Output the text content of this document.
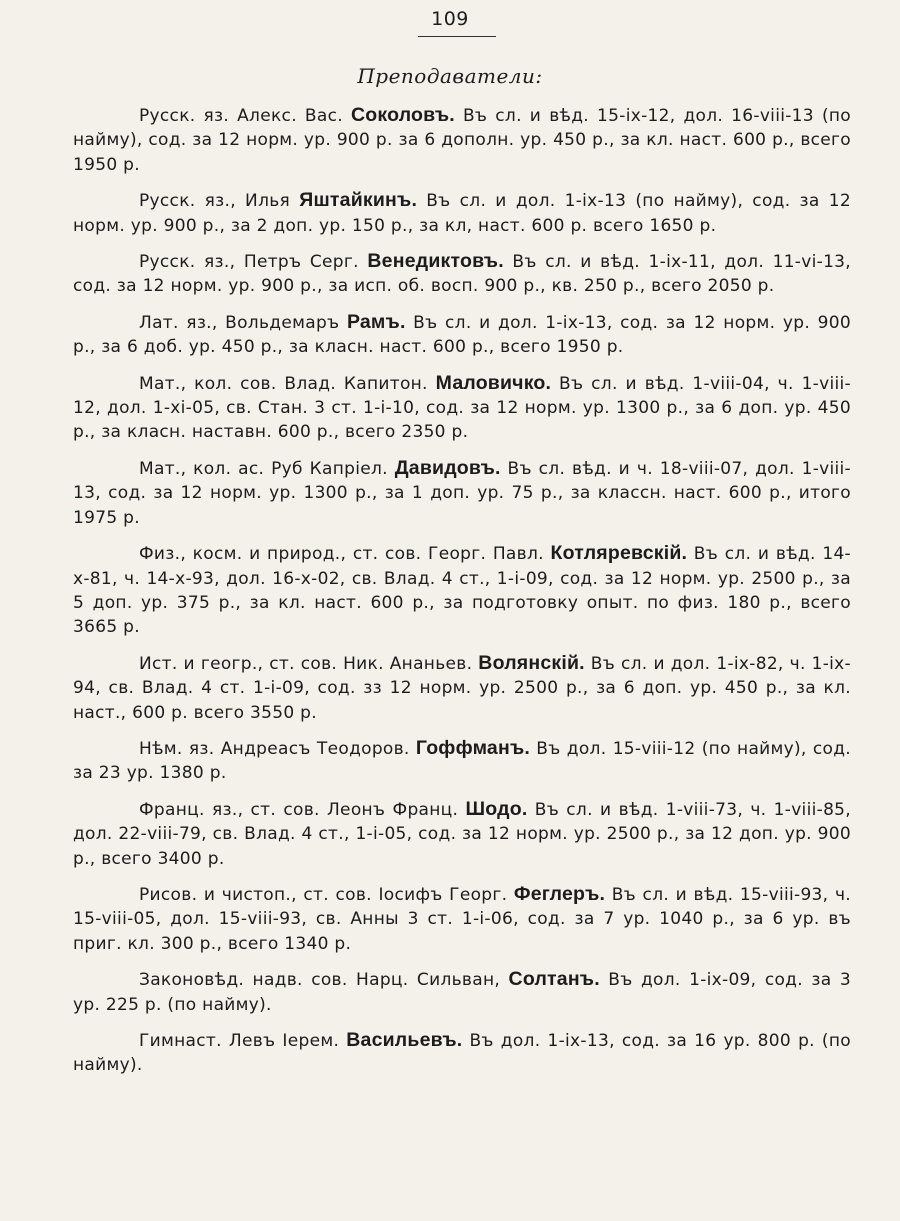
109
Преподаватели:

Русск. яз. Алекс. Вас. Соколовъ. Въ сл. и вѣд. 15-ix-12, дол. 16-viii-13 (по найму), сод. за 12 норм. ур. 900 р. за 6 дополн. ур. 450 р., за кл. наст. 600 р., всего 1950 р.

Русск. яз., Илья Яштайкинъ. Въ сл. и дол. 1-ix-13 (по найму), сод. за 12 норм. ур. 900 р., за 2 доп. ур. 150 р., за кл, наст. 600 р. всего 1650 р.

Русск. яз., Петръ Серг. Венедиктовъ. Въ сл. и вѣд. 1-ix-11, дол. 11-vi-13, сод. за 12 норм. ур. 900 р., за исп. об. восп. 900 р., кв. 250 р., всего 2050 р.

Лат. яз., Вольдемаръ Рамъ. Въ сл. и дол. 1-ix-13, сод. за 12 норм. ур. 900 р., за 6 доб. ур. 450 р., за класн. наст. 600 р., всего 1950 р.

Мат., кол. сов. Влад. Капитон. Маловичко. Въ сл. и вѣд. 1-viii-04, ч. 1-viii-12, дол. 1-xi-05, св. Стан. 3 ст. 1-i-10, сод. за 12 норм. ур. 1300 р., за 6 доп. ур. 450 р., за класн. наставн. 600 р., всего 2350 р.

Мат., кол. ас. Руб Капріел. Давидовъ. Въ сл. вѣд. и ч. 18-viii-07, дол. 1-viii-13, сод. за 12 норм. ур. 1300 р., за 1 доп. ур. 75 р., за классн. наст. 600 р., итого 1975 р.

Физ., косм. и природ., ст. сов. Георг. Павл. Котляревскій. Въ сл. и вѣд. 14-x-81, ч. 14-x-93, дол. 16-x-02, св. Влад. 4 ст., 1-i-09, сод. за 12 норм. ур. 2500 р., за 5 доп. ур. 375 р., за кл. наст. 600 р., за подготовку опыт. по физ. 180 р., всего 3665 р.

Ист. и геогр., ст. сов. Ник. Ананьев. Волянскій. Въ сл. и дол. 1-ix-82, ч. 1-ix-94, св. Влад. 4 ст. 1-i-09, сод. зз 12 норм. ур. 2500 р., за 6 доп. ур. 450 р., за кл. наст., 600 р. всего 3550 р.

Нѣм. яз. Андреасъ Теодоров. Гоффманъ. Въ дол. 15-viii-12 (по найму), сод. за 23 ур. 1380 р.

Франц. яз., ст. сов. Леонъ Франц. Шодо. Въ сл. и вѣд. 1-viii-73, ч. 1-viii-85, дол. 22-viii-79, св. Влад. 4 ст., 1-i-05, сод. за 12 норм. ур. 2500 р., за 12 доп. ур. 900 р., всего 3400 р.

Рисов. и чистоп., ст. сов. Іосифъ Георг. Феглеръ. Въ сл. и вѣд. 15-viii-93, ч. 15-viii-05, дол. 15-viii-93, св. Анны 3 ст. 1-i-06, сод. за 7 ур. 1040 р., за 6 ур. въ приг. кл. 300 р., всего 1340 р.

Законовѣд. надв. сов. Нарц. Сильван, Солтанъ. Въ дол. 1-ix-09, сод. за 3 ур. 225 р. (по найму).

Гимнаст. Левъ Іерем. Васильевъ. Въ дол. 1-ix-13, сод. за 16 ур. 800 р. (по найму).
